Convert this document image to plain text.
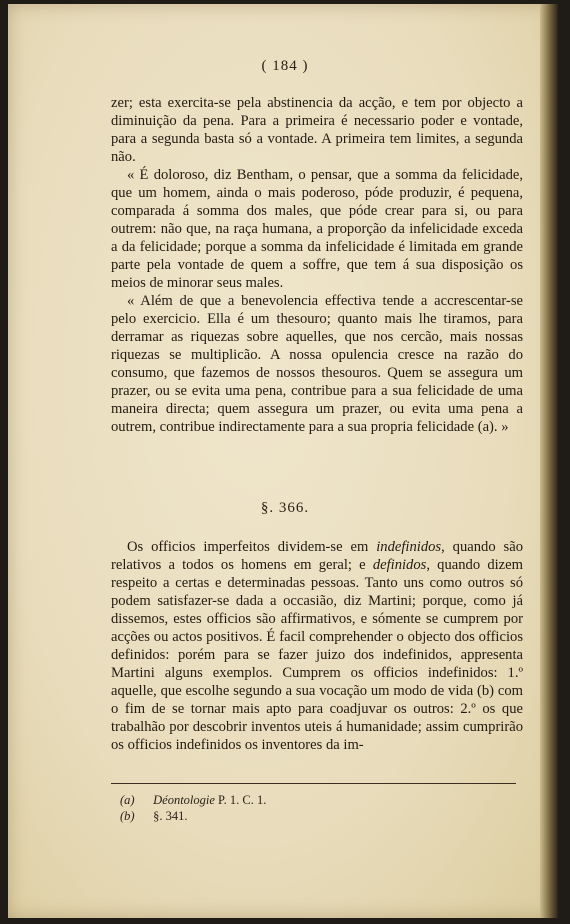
( 184 )

zer; esta exercita-se pela abstinencia da acção, e tem por objecto a diminuição da pena. Para a primeira é necessario poder e vontade, para a segunda basta só a vontade. A primeira tem limites, a segunda não.

« É doloroso, diz Bentham, o pensar, que a somma da felicidade, que um homem, ainda o mais poderoso, póde produzir, é pequena, comparada á somma dos males, que póde crear para si, ou para outrem: não que, na raça humana, a proporção da infelicidade exceda a da felicidade; porque a somma da infelicidade é limitada em grande parte pela vontade de quem a soffre, que tem á sua disposição os meios de minorar seus males.

« Além de que a benevolencia effectiva tende a accrescentar-se pelo exercicio. Ella é um thesouro; quanto mais lhe tiramos, para derramar as riquezas sobre aquelles, que nos cercão, mais nossas riquezas se multiplicão. A nossa opulencia cresce na razão do consumo, que fazemos de nossos thesouros. Quem se assegura um prazer, ou se evita uma pena, contribue para a sua felicidade de uma maneira directa; quem assegura um prazer, ou evita uma pena a outrem, contribue indirectamente para a sua propria felicidade (a). »

§. 366.

Os officios imperfeitos dividem-se em indefinidos, quando são relativos a todos os homens em geral; e definidos, quando dizem respeito a certas e determinadas pessoas. Tanto uns como outros só podem satisfazer-se dada a occasião, diz Martini; porque, como já dissemos, estes officios são affirmativos, e sómente se cumprem por acções ou actos positivos. É facil comprehender o objecto dos officios definidos: porém para se fazer juizo dos indefinidos, appresenta Martini alguns exemplos. Cumprem os officios indefinidos: 1.º aquelle, que escolhe segundo a sua vocação um modo de vida (b) com o fim de se tornar mais apto para coadjuvar os outros: 2.º os que trabalhão por descobrir inventos uteis á humanidade; assim cumprirão os officios indefinidos os inventores da im-

(a) Déontologie P. 1. C. 1.
(b) §. 341.
